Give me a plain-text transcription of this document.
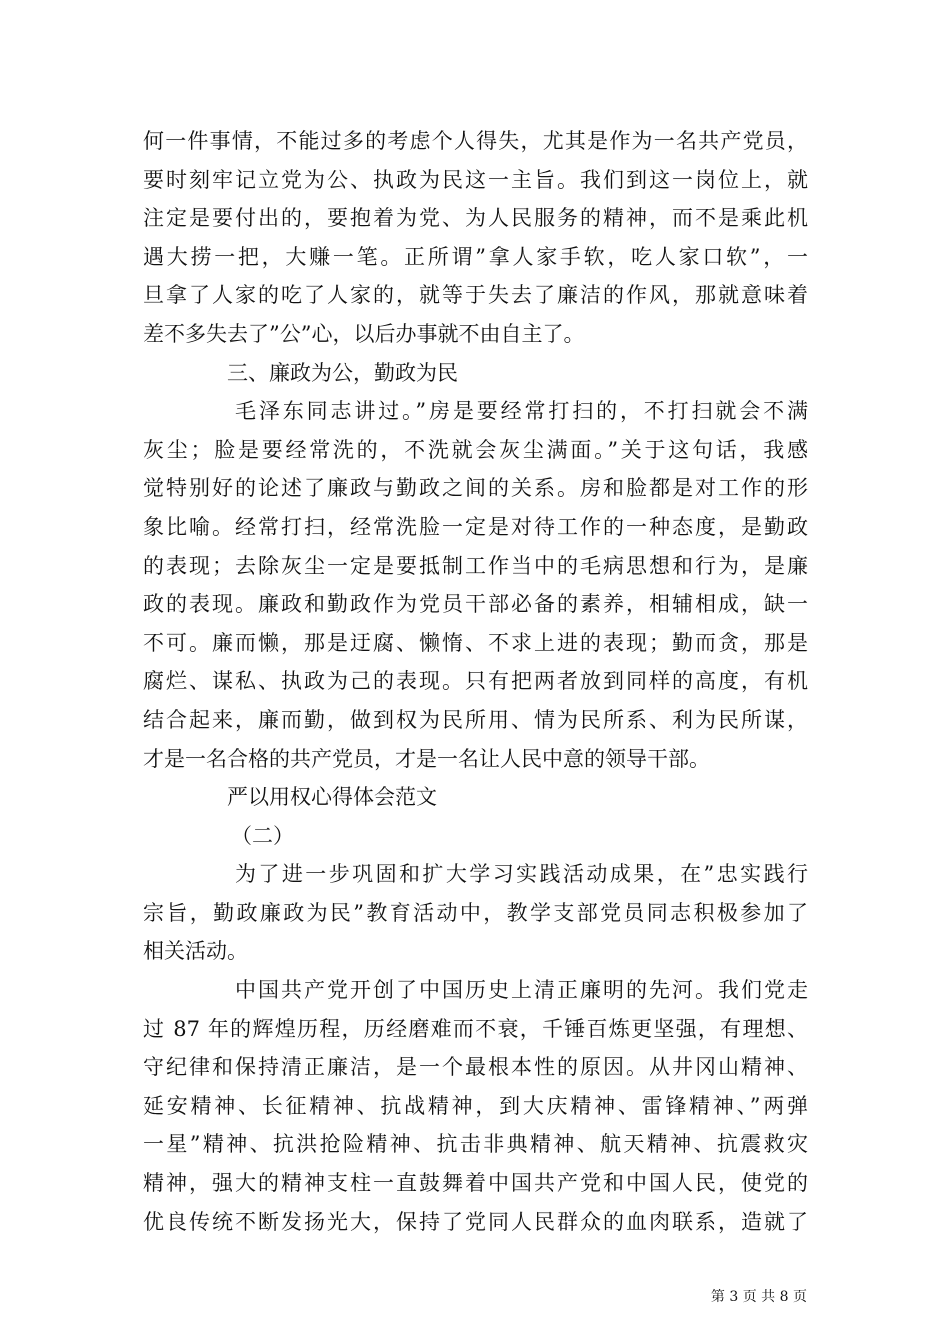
何一件事情，不能过多的考虑个人得失，尤其是作为一名共产党员，
要时刻牢记立党为公、执政为民这一主旨。我们到这一岗位上，就
注定是要付出的，要抱着为党、为人民服务的精神，而不是乘此机
遇大捞一把，大赚一笔。正所谓”拿人家手软，吃人家口软”，一
旦拿了人家的吃了人家的，就等于失去了廉洁的作风，那就意味着
差不多失去了”公”心，以后办事就不由自主了。
三、廉政为公，勤政为民
毛泽东同志讲过。”房是要经常打扫的，不打扫就会不满
灰尘；脸是要经常洗的，不洗就会灰尘满面。”关于这句话，我感
觉特别好的论述了廉政与勤政之间的关系。房和脸都是对工作的形
象比喻。经常打扫，经常洗脸一定是对待工作的一种态度，是勤政
的表现；去除灰尘一定是要抵制工作当中的毛病思想和行为，是廉
政的表现。廉政和勤政作为党员干部必备的素养，相辅相成，缺一
不可。廉而懒，那是迂腐、懒惰、不求上进的表现；勤而贪，那是
腐烂、谋私、执政为己的表现。只有把两者放到同样的高度，有机
结合起来，廉而勤，做到权为民所用、情为民所系、利为民所谋，
才是一名合格的共产党员，才是一名让人民中意的领导干部。
严以用权心得体会范文
（二）
为了进一步巩固和扩大学习实践活动成果，在”忠实践行
宗旨，勤政廉政为民”教育活动中，教学支部党员同志积极参加了
相关活动。
中国共产党开创了中国历史上清正廉明的先河。我们党走
过 87 年的辉煌历程，历经磨难而不衰，千锤百炼更坚强，有理想、
守纪律和保持清正廉洁，是一个最根本性的原因。从井冈山精神、
延安精神、长征精神、抗战精神，到大庆精神、雷锋精神、”两弹
一星”精神、抗洪抢险精神、抗击非典精神、航天精神、抗震救灾
精神，强大的精神支柱一直鼓舞着中国共产党和中国人民，使党的
优良传统不断发扬光大，保持了党同人民群众的血肉联系，造就了
第 3 页 共 8 页
